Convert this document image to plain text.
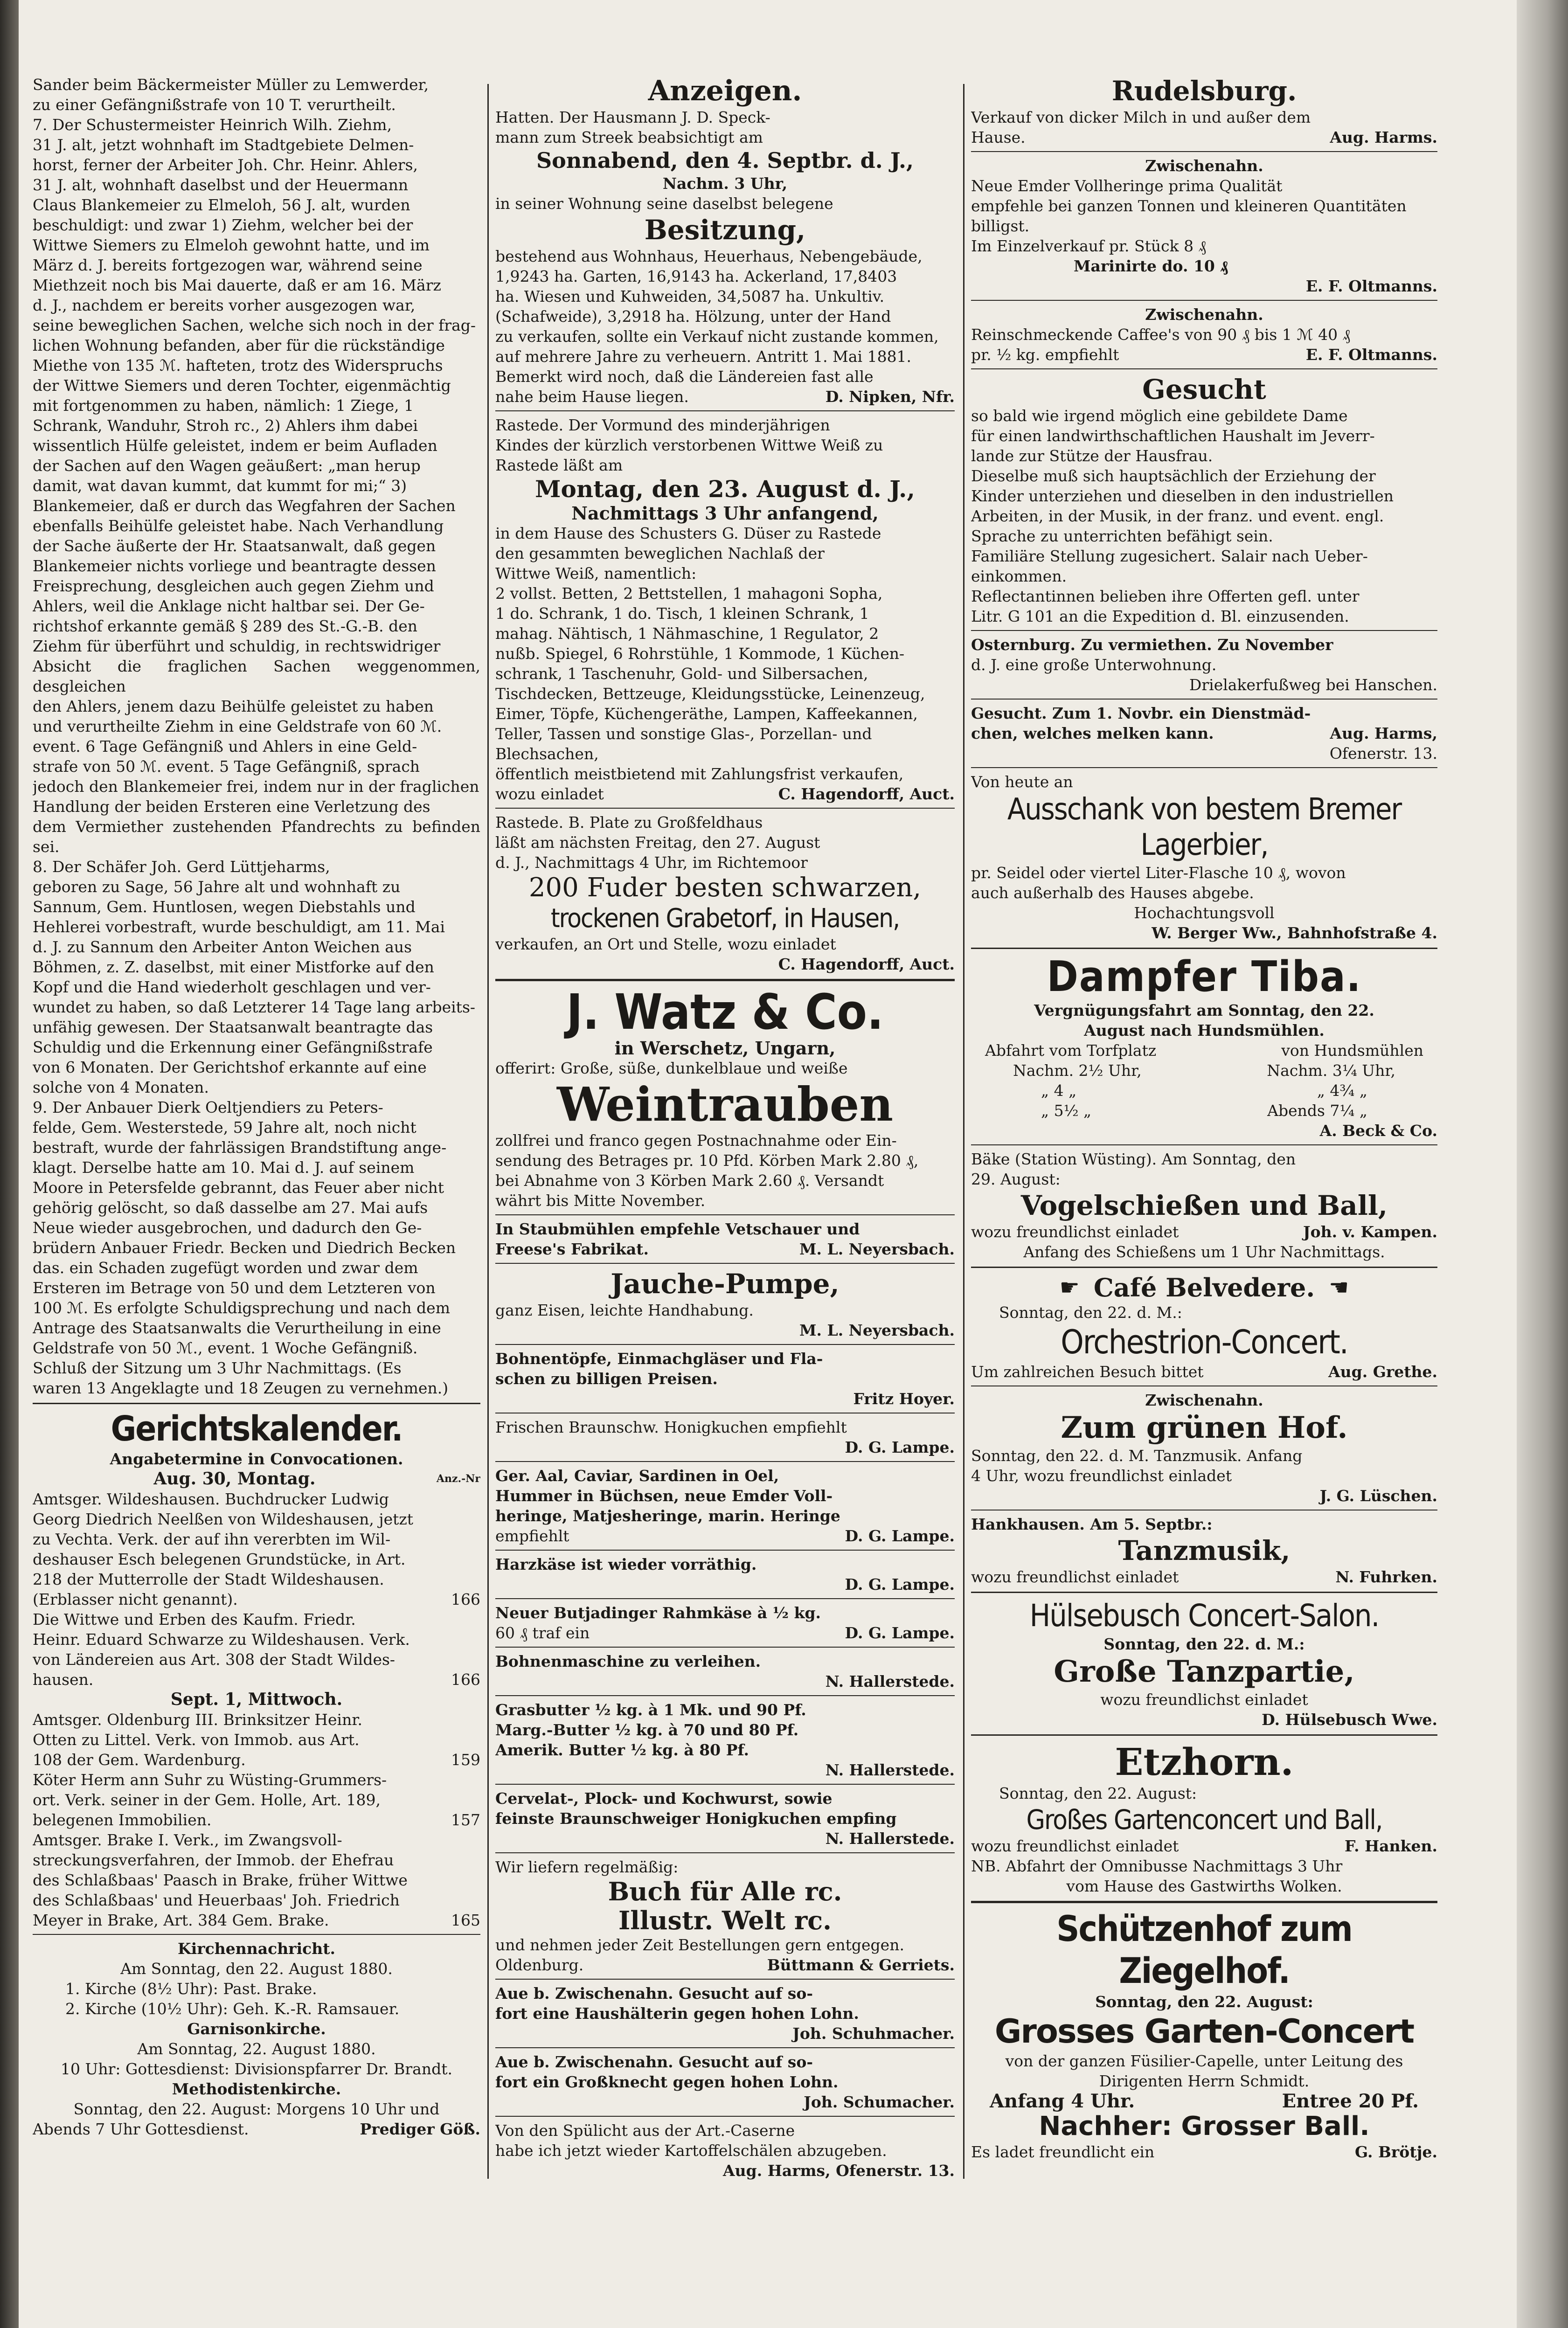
Sander beim Bäckermeister Müller zu Lemwerder,

zu einer Gefängnißstrafe von 10 T. verurtheilt.

7. Der Schustermeister Heinrich Wilh. Ziehm,

31 J. alt, jetzt wohnhaft im Stadtgebiete Delmen-

horst, ferner der Arbeiter Joh. Chr. Heinr. Ahlers,

31 J. alt, wohnhaft daselbst und der Heuermann

Claus Blankemeier zu Elmeloh, 56 J. alt, wurden

beschuldigt: und zwar 1) Ziehm, welcher bei der

Wittwe Siemers zu Elmeloh gewohnt hatte, und im

März d. J. bereits fortgezogen war, während seine

Miethzeit noch bis Mai dauerte, daß er am 16. März

d. J., nachdem er bereits vorher ausgezogen war,

seine beweglichen Sachen, welche sich noch in der frag-

lichen Wohnung befanden, aber für die rückständige

Miethe von 135 ℳ. hafteten, trotz des Widerspruchs

der Wittwe Siemers und deren Tochter, eigenmächtig

mit fortgenommen zu haben, nämlich: 1 Ziege, 1

Schrank, Wanduhr, Stroh rc., 2) Ahlers ihm dabei

wissentlich Hülfe geleistet, indem er beim Aufladen

der Sachen auf den Wagen geäußert: „man herup

damit, wat davan kummt, dat kummt for mi;“ 3)

Blankemeier, daß er durch das Wegfahren der Sachen

ebenfalls Beihülfe geleistet habe. Nach Verhandlung

der Sache äußerte der Hr. Staatsanwalt, daß gegen

Blankemeier nichts vorliege und beantragte dessen

Freisprechung, desgleichen auch gegen Ziehm und

Ahlers, weil die Anklage nicht haltbar sei. Der Ge-

richtshof erkannte gemäß § 289 des St.-G.-B. den

Ziehm für überführt und schuldig, in rechtswidriger

Absicht die fraglichen Sachen weggenommen, desgleichen

den Ahlers, jenem dazu Beihülfe geleistet zu haben

und verurtheilte Ziehm in eine Geldstrafe von 60 ℳ.

event. 6 Tage Gefängniß und Ahlers in eine Geld-

strafe von 50 ℳ. event. 5 Tage Gefängniß, sprach

jedoch den Blankemeier frei, indem nur in der fraglichen

Handlung der beiden Ersteren eine Verletzung des

dem Vermiether zustehenden Pfandrechts zu befinden sei.

8. Der Schäfer Joh. Gerd Lüttjeharms,

geboren zu Sage, 56 Jahre alt und wohnhaft zu

Sannum, Gem. Huntlosen, wegen Diebstahls und

Hehlerei vorbestraft, wurde beschuldigt, am 11. Mai

d. J. zu Sannum den Arbeiter Anton Weichen aus

Böhmen, z. Z. daselbst, mit einer Mistforke auf den

Kopf und die Hand wiederholt geschlagen und ver-

wundet zu haben, so daß Letzterer 14 Tage lang arbeits-

unfähig gewesen. Der Staatsanwalt beantragte das

Schuldig und die Erkennung einer Gefängnißstrafe

von 6 Monaten. Der Gerichtshof erkannte auf eine

solche von 4 Monaten.

9. Der Anbauer Dierk Oeltjendiers zu Peters-

felde, Gem. Westerstede, 59 Jahre alt, noch nicht

bestraft, wurde der fahrlässigen Brandstiftung ange-

klagt. Derselbe hatte am 10. Mai d. J. auf seinem

Moore in Petersfelde gebrannt, das Feuer aber nicht

gehörig gelöscht, so daß dasselbe am 27. Mai aufs

Neue wieder ausgebrochen, und dadurch den Ge-

brüdern Anbauer Friedr. Becken und Diedrich Becken

das. ein Schaden zugefügt worden und zwar dem

Ersteren im Betrage von 50 und dem Letzteren von

100 ℳ. Es erfolgte Schuldigsprechung und nach dem

Antrage des Staatsanwalts die Verurtheilung in eine

Geldstrafe von 50 ℳ., event. 1 Woche Gefängniß.

Schluß der Sitzung um 3 Uhr Nachmittags. (Es

waren 13 Angeklagte und 18 Zeugen zu vernehmen.)

Gerichtskalender.

Angabetermine in Convocationen.

Aug. 30, Montag.	Anz.-Nr

Amtsger. Wildeshausen. Buchdrucker Ludwig

Georg Diedrich Neelßen von Wildeshausen, jetzt

zu Vechta. Verk. der auf ihn vererbten im Wil-

deshauser Esch belegenen Grundstücke, in Art.

218 der Mutterrolle der Stadt Wildeshausen.

(Erblasser nicht genannt).	166

Die Wittwe und Erben des Kaufm. Friedr.

Heinr. Eduard Schwarze zu Wildeshausen. Verk.

von Ländereien aus Art. 308 der Stadt Wildes-

hausen.	166

Sept. 1, Mittwoch.

Amtsger. Oldenburg III. Brinksitzer Heinr.

Otten zu Littel. Verk. von Immob. aus Art.

108 der Gem. Wardenburg.	159

Köter Herm ann Suhr zu Wüsting-Grummers-

ort. Verk. seiner in der Gem. Holle, Art. 189,

belegenen Immobilien.	157

Amtsger. Brake I. Verk., im Zwangsvoll-

streckungsverfahren, der Immob. der Ehefrau

des Schlaßbaas' Paasch in Brake, früher Wittwe

des Schlaßbaas' und Heuerbaas' Joh. Friedrich

Meyer in Brake, Art. 384 Gem. Brake.	165

Kirchennachricht.

Am Sonntag, den 22. August 1880.

1. Kirche (8½ Uhr): Past. Brake.

2. Kirche (10½ Uhr): Geh. K.-R. Ramsauer.

Garnisonkirche.

Am Sonntag, 22. August 1880.

10 Uhr: Gottesdienst: Divisionspfarrer Dr. Brandt.

Methodistenkirche.

Sonntag, den 22. August: Morgens 10 Uhr und

Abends 7 Uhr Gottesdienst.	Prediger Göß.
Anzeigen.

Hatten. Der Hausmann J. D. Speck-

mann zum Streek beabsichtigt am

Sonnabend, den 4. Septbr. d. J.,

Nachm. 3 Uhr,

in seiner Wohnung seine daselbst belegene

Besitzung,

bestehend aus Wohnhaus, Heuerhaus, Nebengebäude,

1,9243 ha. Garten, 16,9143 ha. Ackerland, 17,8403

ha. Wiesen und Kuhweiden, 34,5087 ha. Unkultiv.

(Schafweide), 3,2918 ha. Hölzung, unter der Hand

zu verkaufen, sollte ein Verkauf nicht zustande kommen,

auf mehrere Jahre zu verheuern. Antritt 1. Mai 1881.

Bemerkt wird noch, daß die Ländereien fast alle

nahe beim Hause liegen.	D. Nipken, Nfr.

Rastede. Der Vormund des minderjährigen

Kindes der kürzlich verstorbenen Wittwe Weiß zu

Rastede läßt am

Montag, den 23. August d. J.,

Nachmittags 3 Uhr anfangend,

in dem Hause des Schusters G. Düser zu Rastede

den gesammten beweglichen Nachlaß der

Wittwe Weiß, namentlich:

2 vollst. Betten, 2 Bettstellen, 1 mahagoni Sopha,

1 do. Schrank, 1 do. Tisch, 1 kleinen Schrank, 1

mahag. Nähtisch, 1 Nähmaschine, 1 Regulator, 2

nußb. Spiegel, 6 Rohrstühle, 1 Kommode, 1 Küchen-

schrank, 1 Taschenuhr, Gold- und Silbersachen,

Tischdecken, Bettzeuge, Kleidungsstücke, Leinenzeug,

Eimer, Töpfe, Küchengeräthe, Lampen, Kaffeekannen,

Teller, Tassen und sonstige Glas-, Porzellan- und

Blechsachen,

öffentlich meistbietend mit Zahlungsfrist verkaufen,

wozu einladet	C. Hagendorff, Auct.

Rastede. B. Plate zu Großfeldhaus

läßt am nächsten Freitag, den 27. August

d. J., Nachmittags 4 Uhr, im Richtemoor

200 Fuder besten schwarzen,

trockenen Grabetorf, in Hausen,

verkaufen, an Ort und Stelle, wozu einladet

C. Hagendorff, Auct.

J. Watz & Co.

in Werschetz, Ungarn,

offerirt: Große, süße, dunkelblaue und weiße

Weintrauben

zollfrei und franco gegen Postnachnahme oder Ein-

sendung des Betrages pr. 10 Pfd. Körben Mark 2.80 ₰,

bei Abnahme von 3 Körben Mark 2.60 ₰. Versandt

währt bis Mitte November.

In Staubmühlen empfehle Vetschauer und

Freese's Fabrikat.	M. L. Neyersbach.
Jauche-Pumpe,

ganz Eisen, leichte Handhabung.

M. L. Neyersbach.

Bohnentöpfe, Einmachgläser und Fla-

schen zu billigen Preisen.

Fritz Hoyer.

Frischen Braunschw. Honigkuchen empfiehlt

D. G. Lampe.

Ger. Aal, Caviar, Sardinen in Oel,

Hummer in Büchsen, neue Emder Voll-

heringe, Matjesheringe, marin. Heringe

empfiehlt	D. G. Lampe.

Harzkäse ist wieder vorräthig.

D. G. Lampe.

Neuer Butjadinger Rahmkäse à ½ kg.

60 ₰ traf ein	D. G. Lampe.

Bohnenmaschine zu verleihen.

N. Hallerstede.

Grasbutter ½ kg. à 1 Mk. und 90 Pf.

Marg.-Butter ½ kg. à 70 und 80 Pf.

Amerik. Butter ½ kg. à 80 Pf.

N. Hallerstede.

Cervelat-, Plock- und Kochwurst, sowie

feinste Braunschweiger Honigkuchen empfing

N. Hallerstede.

Wir liefern regelmäßig:

Buch für Alle rc.
Illustr. Welt rc.

und nehmen jeder Zeit Bestellungen gern entgegen.

Oldenburg.	Büttmann & Gerriets.

Aue b. Zwischenahn. Gesucht auf so-

fort eine Haushälterin gegen hohen Lohn.

Joh. Schuhmacher.

Aue b. Zwischenahn. Gesucht auf so-

fort ein Großknecht gegen hohen Lohn.

Joh. Schumacher.

Von den Spülicht aus der Art.-Caserne

habe ich jetzt wieder Kartoffelschälen abzugeben.

Aug. Harms, Ofenerstr. 13.

Rudelsburg.

Verkauf von dicker Milch in und außer dem

Hause.	Aug. Harms.

Zwischenahn.

Neue Emder Vollheringe prima Qualität

empfehle bei ganzen Tonnen und kleineren Quantitäten

billigst.

Im Einzelverkauf pr. Stück 8 ₰

Marinirte do. 10 ₰

E. F. Oltmanns.

Zwischenahn.

Reinschmeckende Caffee's von 90 ₰ bis 1 ℳ 40 ₰

pr. ½ kg. empfiehlt	E. F. Oltmanns.
Gesucht

so bald wie irgend möglich eine gebildete Dame

für einen landwirthschaftlichen Haushalt im Jeverr-

lande zur Stütze der Hausfrau.

Dieselbe muß sich hauptsächlich der Erziehung der

Kinder unterziehen und dieselben in den industriellen

Arbeiten, in der Musik, in der franz. und event. engl.

Sprache zu unterrichten befähigt sein.

Familiäre Stellung zugesichert. Salair nach Ueber-

einkommen.

Reflectantinnen belieben ihre Offerten gefl. unter

Litr. G 101 an die Expedition d. Bl. einzusenden.

Osternburg. Zu vermiethen. Zu November

d. J. eine große Unterwohnung.

Drielakerfußweg bei Hanschen.

Gesucht. Zum 1. Novbr. ein Dienstmäd-

chen, welches melken kann.	Aug. Harms,

Ofenerstr. 13.

Von heute an

Ausschank von bestem Bremer Lagerbier,

pr. Seidel oder viertel Liter-Flasche 10 ₰, wovon

auch außerhalb des Hauses abgebe.

Hochachtungsvoll

W. Berger Ww., Bahnhofstraße 4.

Dampfer Tiba.

Vergnügungsfahrt am Sonntag, den 22.

August nach Hundsmühlen.

Abfahrt vom Torfplatz	von Hundsmühlen
Nachm. 2½ Uhr,	Nachm. 3¼ Uhr,
„ 4 „	„ 4¾ „
„ 5½ „	Abends 7¼ „

A. Beck & Co.

Bäke (Station Wüsting). Am Sonntag, den

29. August:

Vogelschießen und Ball,
wozu freundlichst einladet	Joh. v. Kampen.

Anfang des Schießens um 1 Uhr Nachmittags.

☛ Café Belvedere. ☚

Sonntag, den 22. d. M.:

Orchestrion-Concert.
Um zahlreichen Besuch bittet	Aug. Grethe.

Zwischenahn.

Zum grünen Hof.

Sonntag, den 22. d. M. Tanzmusik. Anfang

4 Uhr, wozu freundlichst einladet

J. G. Lüschen.

Hankhausen. Am 5. Septbr.:

Tanzmusik,
wozu freundlichst einladet	N. Fuhrken.
Hülsebusch Concert-Salon.

Sonntag, den 22. d. M.:

Große Tanzpartie,

wozu freundlichst einladet

D. Hülsebusch Wwe.

Etzhorn.

Sonntag, den 22. August:

Großes Gartenconcert und Ball,
wozu freundlichst einladet	F. Hanken.

NB. Abfahrt der Omnibusse Nachmittags 3 Uhr

vom Hause des Gastwirths Wolken.

Schützenhof zum Ziegelhof.

Sonntag, den 22. August:

Grosses Garten-Concert

von der ganzen Füsilier-Capelle, unter Leitung des

Dirigenten Herrn Schmidt.

Anfang 4 Uhr.	Entree 20 Pf.
Nachher: Grosser Ball.
Es ladet freundlicht ein	G. Brötje.
